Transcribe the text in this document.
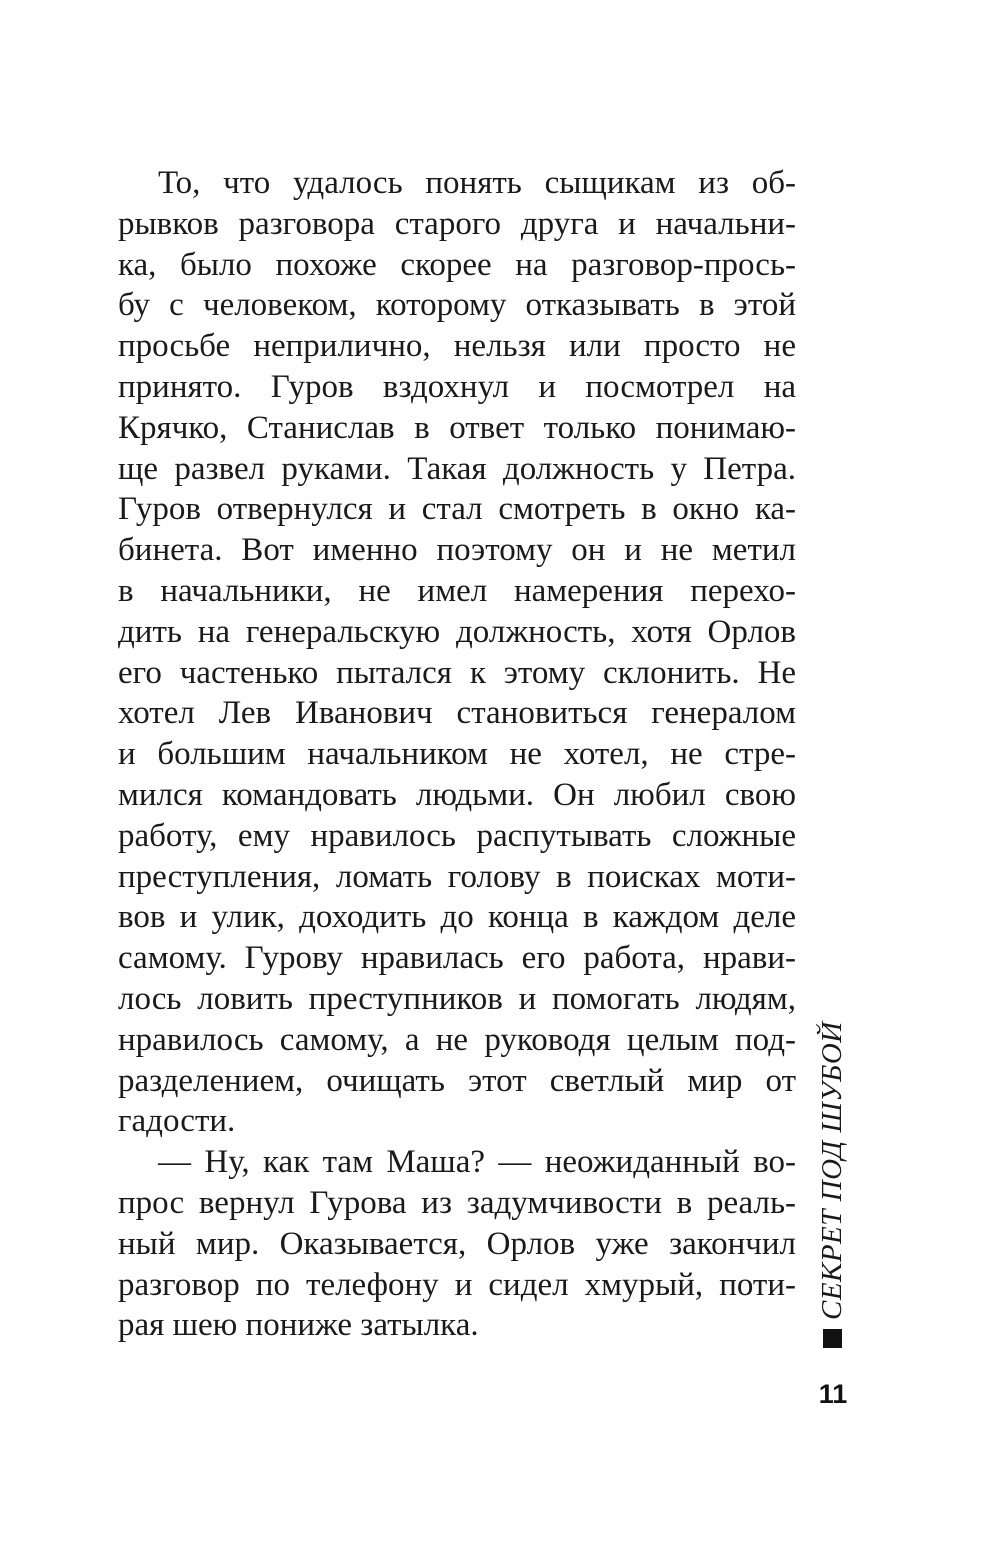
То, что удалось понять сыщикам из об-
рывков разговора старого друга и начальни-
ка, было похоже скорее на разговор-прось-
бу с человеком, которому отказывать в этой
просьбе неприлично, нельзя или просто не
принято. Гуров вздохнул и посмотрел на
Крячко, Станислав в ответ только понимаю-
ще развел руками. Такая должность у Петра.
Гуров отвернулся и стал смотреть в окно ка-
бинета. Вот именно поэтому он и не метил
в начальники, не имел намерения перехо-
дить на генеральскую должность, хотя Орлов
его частенько пытался к этому склонить. Не
хотел Лев Иванович становиться генералом
и большим начальником не хотел, не стре-
мился командовать людьми. Он любил свою
работу, ему нравилось распутывать сложные
преступления, ломать голову в поисках моти-
вов и улик, доходить до конца в каждом деле
самому. Гурову нравилась его работа, нрави-
лось ловить преступников и помогать людям,
нравилось самому, а не руководя целым под-
разделением, очищать этот светлый мир от
гадости.
— Ну, как там Маша? — неожиданный во-
прос вернул Гурова из задумчивости в реаль-
ный мир. Оказывается, Орлов уже закончил
разговор по телефону и сидел хмурый, поти-
рая шею пониже затылка.
СЕКРЕТ ПОД ШУБОЙ
11
